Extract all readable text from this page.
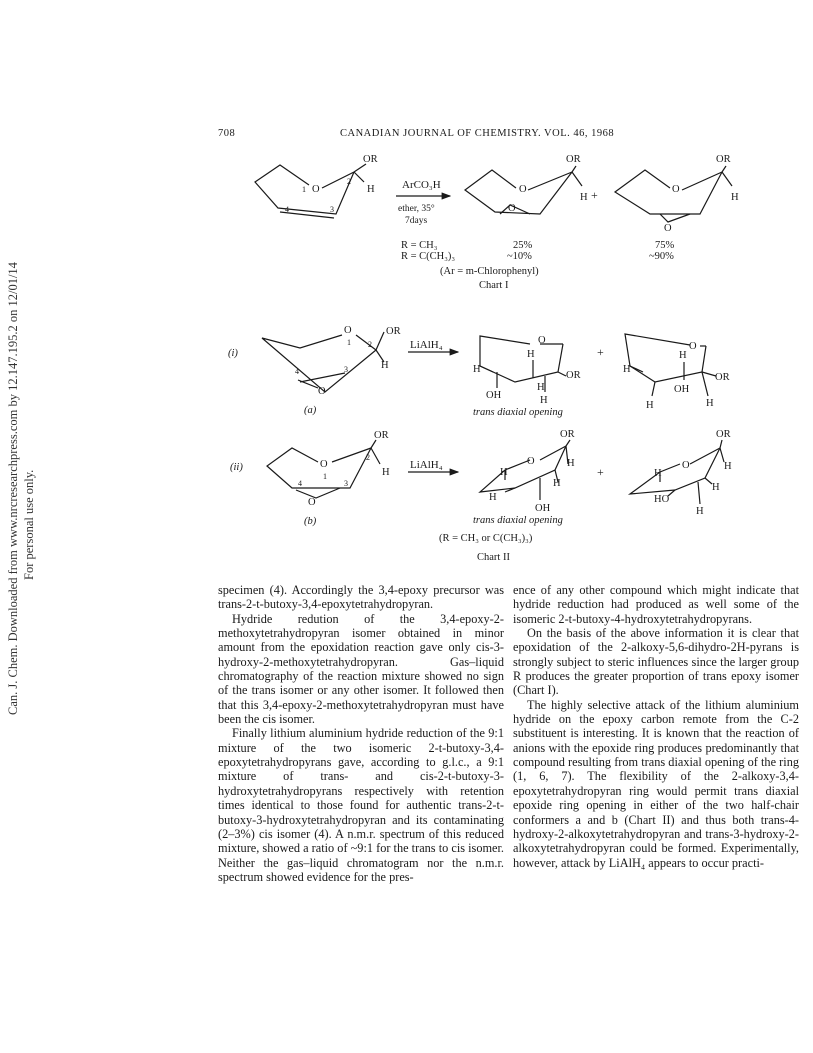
Can. J. Chem. Downloaded from www.nrcresearchpress.com by 12.147.195.2 on 12/01/14 For personal use only.
708	CANADIAN JOURNAL OF CHEMISTRY. VOL. 46, 1968
OR
H
O
1
2
3
4
ArCO₃H
ether, 35°
7days
OR
H
O
O
+
OR
H
O
O
R = CH₃
R = C(CH₃)₃
25%
~10%
75%
~90%
(Ar = m-Chlorophenyl)
Chart I
(i)
OR
O
1 2
3
4
H
O
LiAlH₄	O
H
H
OR
H
OH	H
+	O
H
H
OR
OH
H	H
(a)	trans diaxial opening
(ii)
OR
O
1
2
3
4
H
O
LiAlH₄
OR
O	H
H
H
H
OH
+
OR
O	H
H
H
HO
H
(b)	trans diaxial opening
(R = CH₃ or C(CH₃)₃)
Chart II

specimen (4). Accordingly the 3,4-epoxy precursor was trans-2-t-butoxy-3,4-epoxytetrahydropyran.

Hydride redution of the 3,4-epoxy-2-methoxytetrahydropyran isomer obtained in minor amount from the epoxidation reaction gave only cis-3-hydroxy-2-methoxytetrahydropyran. Gas–liquid chromatography of the reaction mixture showed no sign of the trans isomer or any other isomer. It followed then that this 3,4-epoxy-2-methoxytetrahydropyran must have been the cis isomer.

Finally lithium aluminium hydride reduction of the 9:1 mixture of the two isomeric 2-t-butoxy-3,4-epoxytetrahydropyrans gave, according to g.l.c., a 9:1 mixture of trans- and cis-2-t-butoxy-3-hydroxytetrahydropyrans respectively with retention times identical to those found for authentic trans-2-t-butoxy-3-hydroxytetrahydropyran and its contaminating (2–3%) cis isomer (4). A n.m.r. spectrum of this reduced mixture, showed a ratio of ~9:1 for the trans to cis isomer. Neither the gas–liquid chromatogram nor the n.m.r. spectrum showed evidence for the pres-

ence of any other compound which might indicate that hydride reduction had produced as well some of the isomeric 2-t-butoxy-4-hydroxytetrahydropyrans.

On the basis of the above information it is clear that epoxidation of the 2-alkoxy-5,6-dihydro-2H-pyrans is strongly subject to steric influences since the larger group R produces the greater proportion of trans epoxy isomer (Chart I).

The highly selective attack of the lithium aluminium hydride on the epoxy carbon remote from the C-2 substituent is interesting. It is known that the reaction of anions with the epoxide ring produces predominantly that compound resulting from trans diaxial opening of the ring (1, 6, 7). The flexibility of the 2-alkoxy-3,4-epoxytetrahydropyran ring would permit trans diaxial epoxide ring opening in either of the two half-chair conformers a and b (Chart II) and thus both trans-4-hydroxy-2-alkoxytetrahydropyran and trans-3-hydroxy-2-alkoxytetrahydropyran could be formed. Experimentally, however, attack by LiAlH₄ appears to occur practi-
